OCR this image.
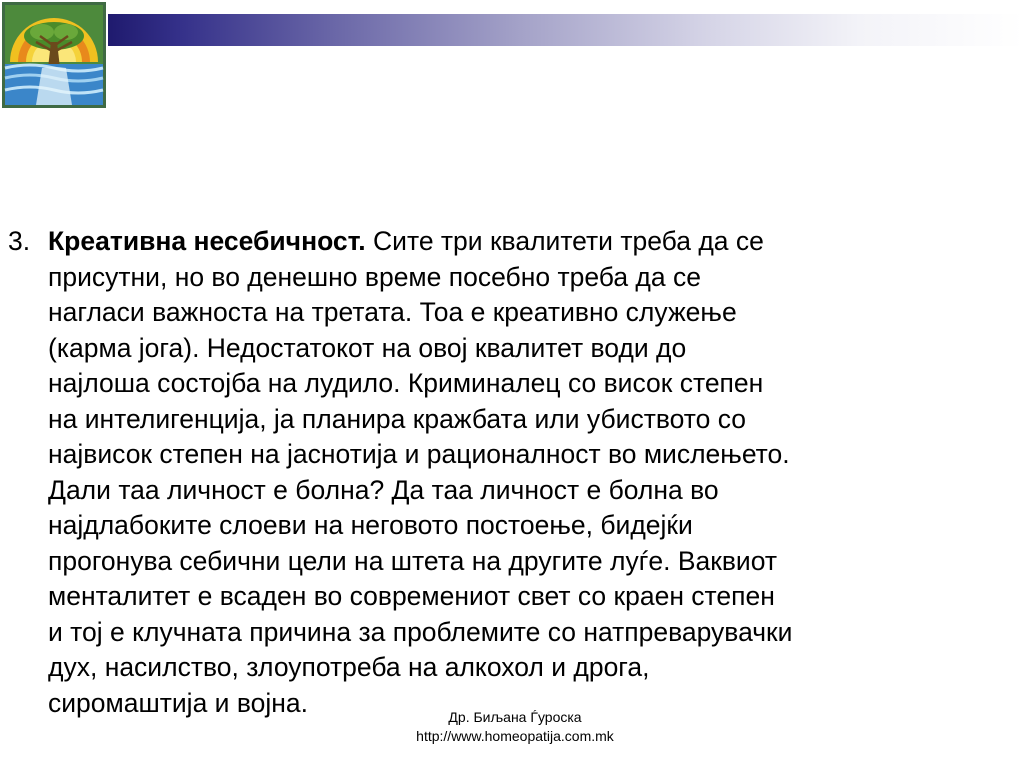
3. Креативна несебичност. Сите три квалитети треба да се
присутни, но во денешно време посебно треба да се
нагласи важноста на третата. Тоа е креативно служење
(карма јога). Недостатокот на овој квалитет води до
најлоша состојба на лудило. Криминалец со висок степен
на интелигенција, ја планира кражбата или убиството со
највисок степен на јаснотија и рационалност во мислењето.
Дали таа личност е болна? Да таа личност е болна во
најдлабоките слоеви на неговото постоење, бидејќи
прогонува себични цели на штета на другите луѓе. Ваквиот
менталитет е всаден во современиот свет со краен степен
и тој е клучната причина за проблемите со натпреварувачки
дух, насилство, злоупотреба на алкохол и дрога,
сиромаштија и војна.	Др. Биљана Ѓуроска
http://www.homeopatija.com.mk
